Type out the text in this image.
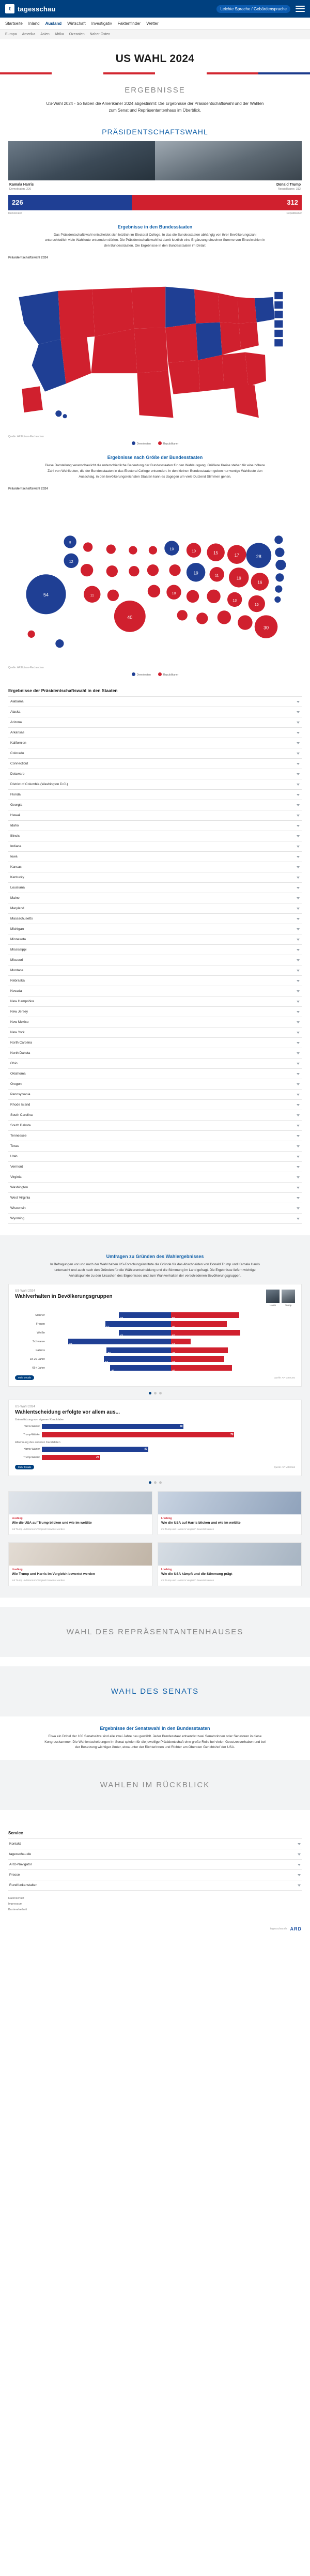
t	tagesschau	Leichte Sprache / Gebärdensprache
Startseite Inland Ausland Wirtschaft Investigativ Faktenfinder Wetter
Europa Amerika Asien Afrika Ozeanien Naher Osten
US WAHL 2024
ERGEBNISSE

US-Wahl 2024 - So haben die Amerikaner 2024 abgestimmt: Die Ergebnisse der Präsidentschaftswahl und der Wahlen zum Senat und Repräsentantenhaus im Überblick.

PRÄSIDENTSCHAFTSWAHL
Kamala Harris
Demokraten, 226
Donald Trump
Republikaner, 312
226	312
Demokraten	Republikaner
Ergebnisse in den Bundesstaaten

Das Präsidentschaftswahl entscheidet sich letztlich im Electoral College. In das die Bundesstaaten abhängig von ihrer Bevölkerungszahl unterschiedlich viele Wahlleute entsenden dürfen. Die Präsidentschaftswahl ist damit letztlich eine Ergänzung einzelner Summe von Einzelwahlen in den Bundesstaaten. Die Ergebnisse in den Bundesstaaten im Detail:

Präsidentschaftswahl 2024
Quelle: AP/Edison-Recherchen
Demokraten	Republikaner
Ergebnisse nach Größe der Bundesstaaten

Diese Darstellung veranschaulicht die unterschiedliche Bedeutung der Bundesstaaten für den Wahlausgang. Größere Kreise stehen für eine höhere Zahl von Wahlleuten, die der Bundesstaaten in das Electoral College entsenden. In den kleinen Bundesstaaten geben nur wenige Wahlleute den Ausschlag, in den bevölkerungsreichsten Staaten kann es dagegen um viele Dutzend Stimmen gehen.

Präsidentschaftswahl 2024
54
12
8
11
40
10
10
10
19
15
11
17
19
13
28
16
16
30
Quelle: AP/Edison-Recherchen
Demokraten	Republikaner
Ergebnisse der Präsidentschaftswahl in den Staaten
Alabama
Alaska
Arizona
Arkansas
Kalifornien
Colorado
Connecticut
Delaware
District of Columbia (Washington D.C.)
Florida
Georgia
Hawaii
Idaho
Illinois
Indiana
Iowa
Kansas
Kentucky
Louisiana
Maine
Maryland
Massachusetts
Michigan
Minnesota
Mississippi
Missouri
Montana
Nebraska
Nevada
New Hampshire
New Jersey
New Mexico
New York
North Carolina
North Dakota
Ohio
Oklahoma
Oregon
Pennsylvania
Rhode Island
South Carolina
South Dakota
Tennessee
Texas
Utah
Vermont
Virginia
Washington
West Virginia
Wisconsin
Wyoming
Umfragen zu Gründen des Wahlergebnisses

In Befragungen vor und nach der Wahl haben US-Forschungsinstitute die Gründe für das Abschneiden von Donald Trump und Kamala Harris untersucht und auch nach den Gründen für die Wählerentscheidung und die Stimmung im Land gefragt. Die Ergebnisse liefern wichtige Anhaltspunkte zu den Ursachen des Ergebnisses und zum Wahlverhalten der verschiedenen Bevölkerungsgruppen.

US-Wahl 2024
Wahlverhalten in Bevölkerungsgruppen
Harris	Trump
Männer
42	55
Frauen
53	45
Weiße
42	56
Schwarze
83	16
Latinos
52	46
18-29 Jahre
54	43
65+ Jahre
49	49
Mehr Details	Quelle: AP VoteCast
US-Wahl 2024
Wahlentscheidung erfolgte vor allem aus...
Unterstützung von eigenen Kandidaten
Harris-Wähler	56
Trump-Wähler	76
Ablehnung des anderen Kandidaten
Harris-Wähler	42
Trump-Wähler	23
Mehr Details	Quelle: AP VoteCast
Liveblog
Wie die USA auf Trump blicken und wie im weltlite
mit Trump und Harris im Vergleich bewertet werden
Liveblog
Wie die USA auf Harris blicken und wie im weltlite
mit Trump und Harris im Vergleich bewertet werden
Liveblog
Wie Trump und Harris im Vergleich bewertet werden
mit Trump und Harris im Vergleich bewertet werden
Liveblog
Wie die USA kämpft und die Stimmung prägt
mit Trump und Harris im Vergleich bewertet werden
WAHL DES REPRÄSENTANTENHAUSES
WAHL DES SENATS
Ergebnisse der Senatswahl in den Bundesstaaten

Etwa ein Drittel der 100 Senatssitze sind alle zwei Jahre neu gewählt. Jeder Bundesstaat entsendet zwei Senatorinnen oder Senatoren in diese Kongresskammer. Die Wahlentscheidungen im Senat spielen für die jeweilige Präsidentschaft eine große Rolle bei vielen Gesetzesvorhaben und bei der Besetzung wichtiger Ämter, etwa unter der Richterinnen und Richter am Obersten Gerichtshof der USA.

WAHLEN IM RÜCKBLICK
Service
Kontakt
tagesschau.de
ARD-Navigator
Presse
Rundfunkanstalten
Datenschutz
Impressum
Barrierefreiheit
tagesschau.de ARD
